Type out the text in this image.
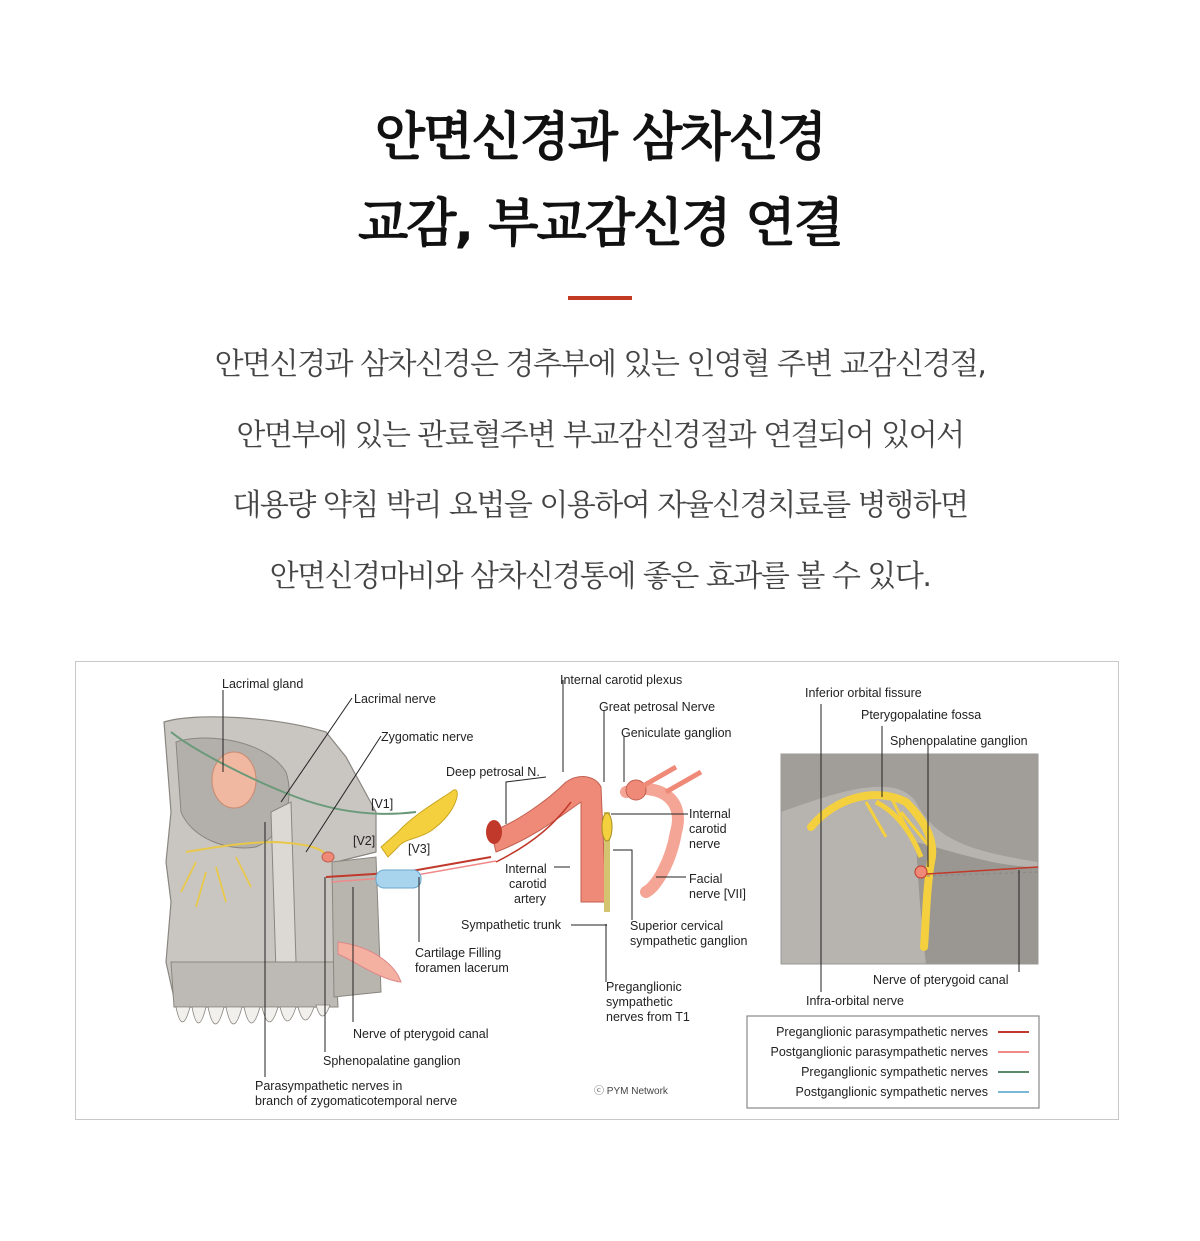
안면신경과 삼차신경
교감, 부교감신경 연결
안면신경과 삼차신경은 경추부에 있는 인영혈 주변 교감신경절,
안면부에 있는 관료혈주변 부교감신경절과 연결되어 있어서
대용량 약침 박리 요법을 이용하여 자율신경치료를 병행하면
안면신경마비와 삼차신경통에 좋은 효과를 볼 수 있다.
Lacrimal gland
Lacrimal nerve
Zygomatic nerve
[V1]
[V2]
[V3]
Deep petrosal N.
Internal carotid plexus
Great petrosal Nerve
Geniculate ganglion
Internal
carotid
nerve
Internal
carotid
artery
Facial
nerve [VII]
Sympathetic trunk	Superior cervical
sympathetic ganglion
Cartilage Filling
foramen lacerum
Preganglionic
sympathetic
nerves from T1
Nerve of pterygoid canal
Sphenopalatine ganglion
Parasympathetic nerves in
branch of zygomaticotemporal nerve
ⓒ PYM Network
Inferior orbital fissure
Pterygopalatine fossa
Sphenopalatine ganglion
Nerve of pterygoid canal
Infra-orbital nerve
Preganglionic parasympathetic nerves
Postganglionic parasympathetic nerves
Preganglionic sympathetic nerves
Postganglionic sympathetic nerves
